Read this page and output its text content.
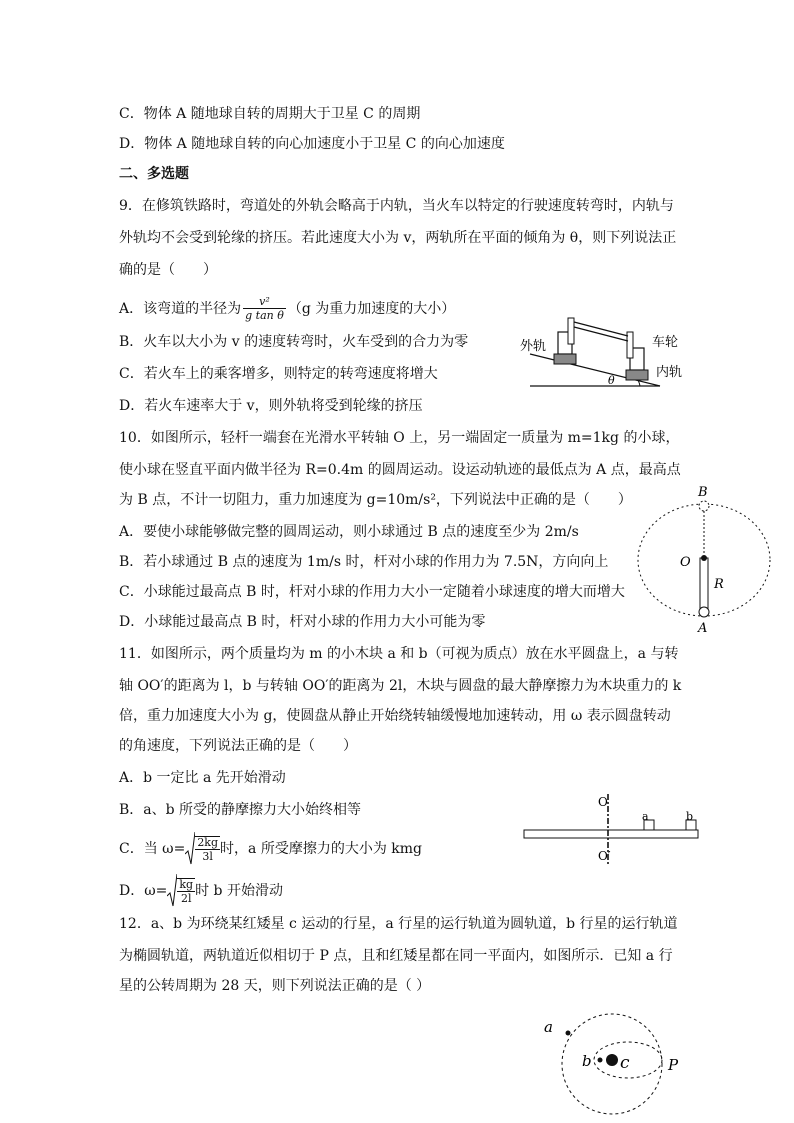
C．物体 A 随地球自转的周期大于卫星 C 的周期
D．物体 A 随地球自转的向心加速度小于卫星 C 的向心加速度
二、多选题
9．在修筑铁路时，弯道处的外轨会略高于内轨，当火车以特定的行驶速度转弯时，内轨与
外轨均不会受到轮缘的挤压。若此速度大小为 v，两轨所在平面的倾角为 θ，则下列说法正
确的是（　　）
A．该弯道的半径为 $\frac{\text{v²}}{\text{g tan θ}} (g$ 为重力加速度的大小）
B．火车以大小为 v 的速度转弯时，火车受到的合力为零
C．若火车上的乘客增多，则特定的转弯速度将增大
D．若火车速率大于 v，则外轨将受到轮缘的挤压
外轨	车轮
内轨
θ
10．如图所示，轻杆一端套在光滑水平转轴 O 上，另一端固定一质量为 m=1kg 的小球，
使小球在竖直平面内做半径为 R=0.4m 的圆周运动。设运动轨迹的最低点为 A 点，最高点
为 B 点，不计一切阻力，重力加速度为 g=10m/s²，下列说法中正确的是（　　）
A．要使小球能够做完整的圆周运动，则小球通过 B 点的速度至少为 2m/s
B．若小球通过 B 点的速度为 1m/s 时，杆对小球的作用力为 7.5N，方向向上
C．小球能过最高点 B 时，杆对小球的作用力大小一定随着小球速度的增大而增大
D．小球能过最高点 B 时，杆对小球的作用力大小可能为零
B
O
R
A
11．如图所示，两个质量均为 m 的小木块 a 和 b（可视为质点）放在水平圆盘上，a 与转
轴 OO′的距离为 l，b 与转轴 OO′的距离为 2l，木块与圆盘的最大静摩擦力为木块重力的 k
倍，重力加速度大小为 g，使圆盘从静止开始绕转轴缓慢地加速转动，用 ω 表示圆盘转动
的角速度，下列说法正确的是（　　）
A．b 一定比 a 先开始滑动
B．a、b 所受的静摩擦力大小始终相等
C．当 $\omega= \frac{2kg}{3l}$ 时，a 所受摩擦力的大小为 kmg
D．$\omega= \frac{kg}{2l}$ 时 b 开始滑动
O
O′
a	b
12．a、b 为环绕某红矮星 c 运动的行星，a 行星的运行轨道为圆轨道，b 行星的运行轨道
为椭圆轨道，两轨道近似相切于 P 点，且和红矮星都在同一平面内，如图所示．已知 a 行
星的公转周期为 28 天，则下列说法正确的是（ ）
a
b c	P
